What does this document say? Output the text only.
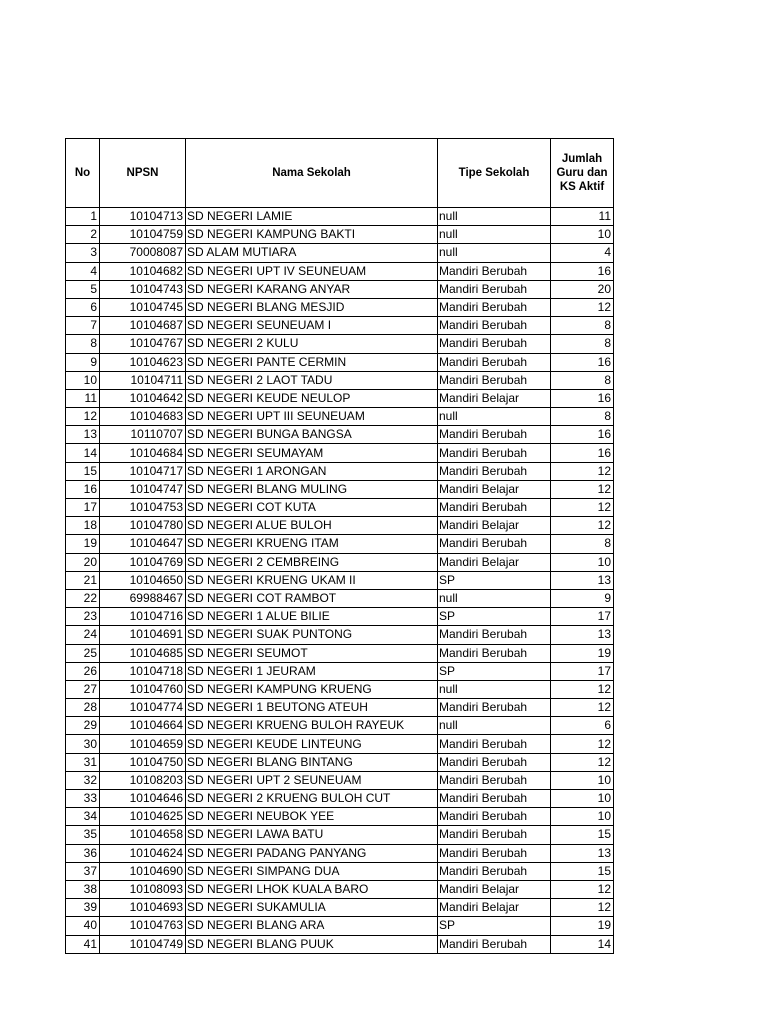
No	NPSN	Nama Sekolah	Tipe Sekolah	Jumlah Guru dan KS Aktif
1	10104713	SD NEGERI LAMIE	null	11
2	10104759	SD NEGERI KAMPUNG BAKTI	null	10
3	70008087	SD ALAM MUTIARA	null	4
4	10104682	SD NEGERI UPT IV SEUNEUAM	Mandiri Berubah	16
5	10104743	SD NEGERI KARANG ANYAR	Mandiri Berubah	20
6	10104745	SD NEGERI BLANG MESJID	Mandiri Berubah	12
7	10104687	SD NEGERI SEUNEUAM I	Mandiri Berubah	8
8	10104767	SD NEGERI 2 KULU	Mandiri Berubah	8
9	10104623	SD NEGERI PANTE CERMIN	Mandiri Berubah	16
10	10104711	SD NEGERI 2 LAOT TADU	Mandiri Berubah	8
11	10104642	SD NEGERI KEUDE NEULOP	Mandiri Belajar	16
12	10104683	SD NEGERI UPT III SEUNEUAM	null	8
13	10110707	SD NEGERI BUNGA BANGSA	Mandiri Berubah	16
14	10104684	SD NEGERI SEUMAYAM	Mandiri Berubah	16
15	10104717	SD NEGERI 1 ARONGAN	Mandiri Berubah	12
16	10104747	SD NEGERI BLANG MULING	Mandiri Belajar	12
17	10104753	SD NEGERI COT KUTA	Mandiri Berubah	12
18	10104780	SD NEGERI ALUE BULOH	Mandiri Belajar	12
19	10104647	SD NEGERI KRUENG ITAM	Mandiri Berubah	8
20	10104769	SD NEGERI 2 CEMBREING	Mandiri Belajar	10
21	10104650	SD NEGERI KRUENG UKAM II	SP	13
22	69988467	SD NEGERI COT RAMBOT	null	9
23	10104716	SD NEGERI 1 ALUE BILIE	SP	17
24	10104691	SD NEGERI SUAK PUNTONG	Mandiri Berubah	13
25	10104685	SD NEGERI SEUMOT	Mandiri Berubah	19
26	10104718	SD NEGERI 1 JEURAM	SP	17
27	10104760	SD NEGERI KAMPUNG KRUENG	null	12
28	10104774	SD NEGERI 1 BEUTONG ATEUH	Mandiri Berubah	12
29	10104664	SD NEGERI KRUENG BULOH RAYEUK	null	6
30	10104659	SD NEGERI KEUDE LINTEUNG	Mandiri Berubah	12
31	10104750	SD NEGERI BLANG BINTANG	Mandiri Berubah	12
32	10108203	SD NEGERI UPT 2 SEUNEUAM	Mandiri Berubah	10
33	10104646	SD NEGERI 2 KRUENG BULOH CUT	Mandiri Berubah	10
34	10104625	SD NEGERI NEUBOK YEE	Mandiri Berubah	10
35	10104658	SD NEGERI LAWA BATU	Mandiri Berubah	15
36	10104624	SD NEGERI PADANG PANYANG	Mandiri Berubah	13
37	10104690	SD NEGERI SIMPANG DUA	Mandiri Berubah	15
38	10108093	SD NEGERI LHOK KUALA BARO	Mandiri Belajar	12
39	10104693	SD NEGERI SUKAMULIA	Mandiri Belajar	12
40	10104763	SD NEGERI BLANG ARA	SP	19
41	10104749	SD NEGERI BLANG PUUK	Mandiri Berubah	14
